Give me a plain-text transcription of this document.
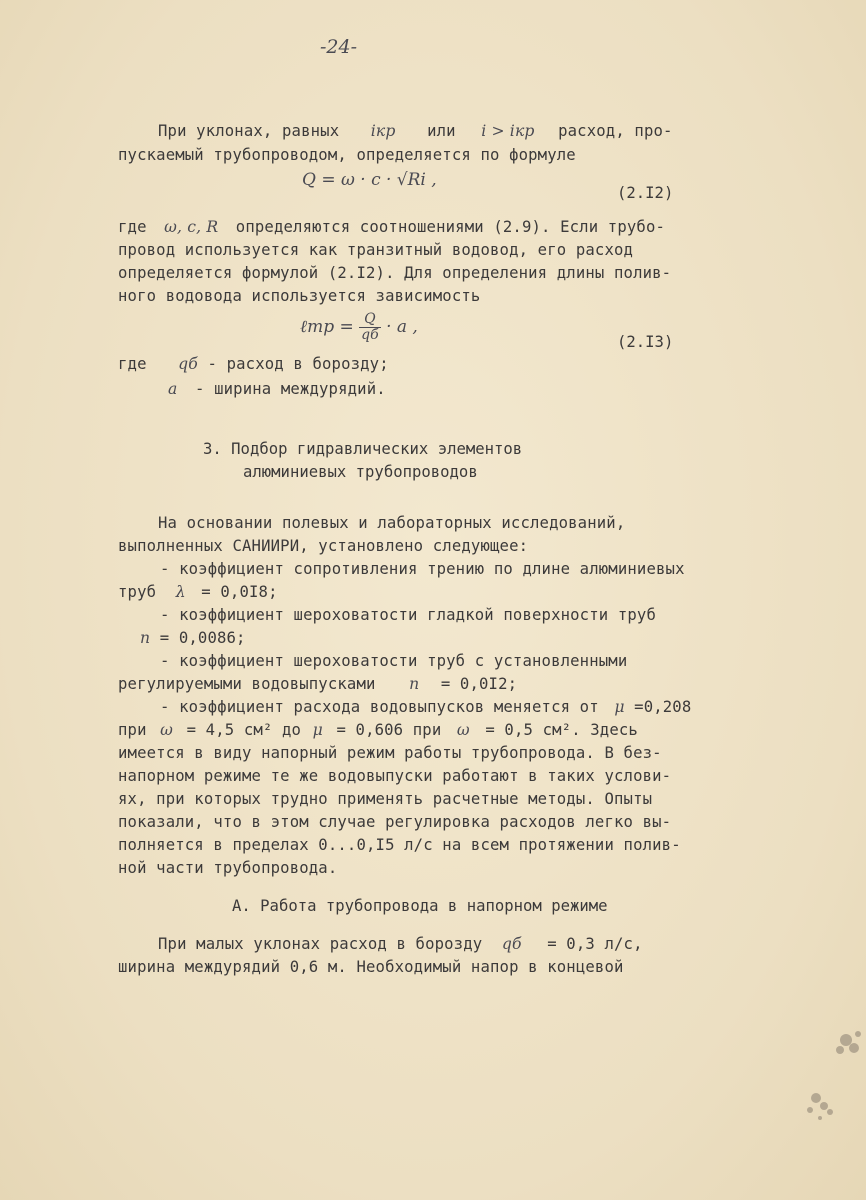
-24-
При уклонах, равных iкр или i > iкр расход, про-
пускаемый трубопроводом, определяется по формуле
Q = ω · c · √Ri ,
(2.I2)
где ω, c, R определяются соотношениями (2.9). Если трубо-
провод используется как транзитный водовод, его расход
определяется формулой (2.I2). Для определения длины полив-
ного водовода используется зависимость
ℓтр = $\frac{Q}{qб} \cdot a$ ,
(2.I3)
где qб - расход в борозду;
a - ширина междурядий.
3. Подбор гидравлических элементов
алюминиевых трубопроводов
На основании полевых и лабораторных исследований,
выполненных САНИИРИ, установлено следующее:
- коэффициент сопротивления трению по длине алюминиевых
труб λ = 0,0I8;
- коэффициент шероховатости гладкой поверхности труб
n = 0,0086;
- коэффициент шероховатости труб с установленными
регулируемыми водовыпусками n = 0,0I2;
- коэффициент расхода водовыпусков меняется от μ =0,208
при ω = 4,5 см² до μ = 0,606 при ω = 0,5 см². Здесь
имеется в виду напорный режим работы трубопровода. В без-
напорном режиме те же водовыпуски работают в таких услови-
ях, при которых трудно применять расчетные методы. Опыты
показали, что в этом случае регулировка расходов легко вы-
полняется в пределах 0...0,I5 л/с на всем протяжении полив-
ной части трубопровода.
А. Работа трубопровода в напорном режиме
При малых уклонах расход в борозду qб = 0,3 л/с,
ширина междурядий 0,6 м. Необходимый напор в концевой
